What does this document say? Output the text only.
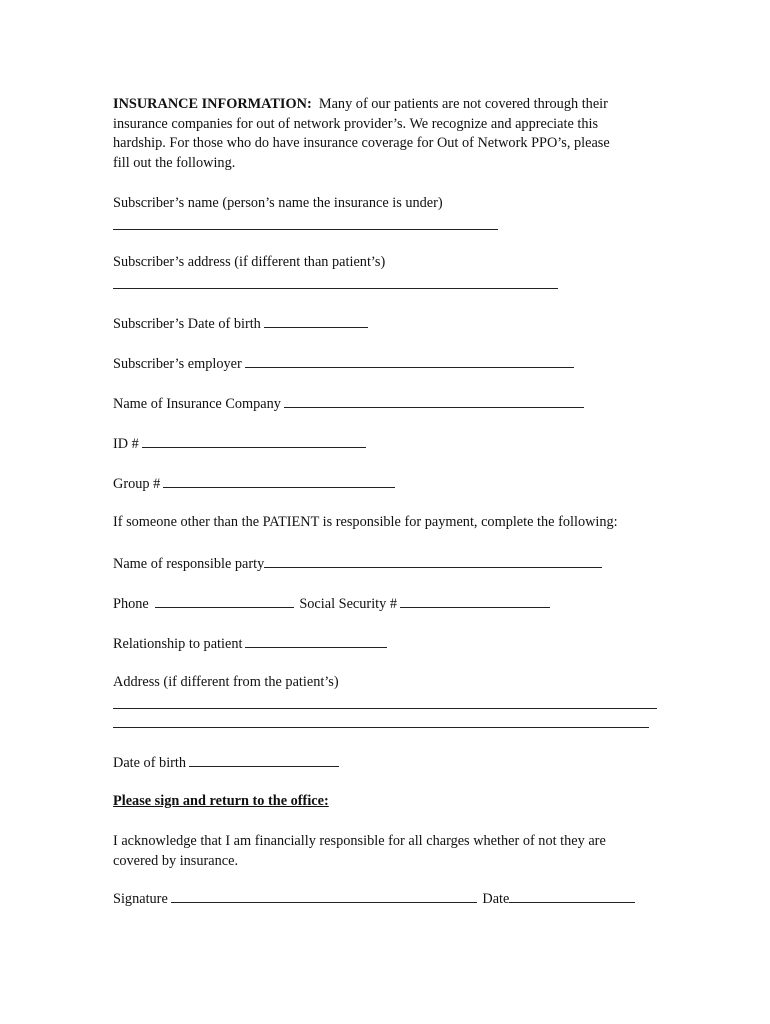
INSURANCE INFORMATION: Many of our patients are not covered through their
insurance companies for out of network provider’s. We recognize and appreciate this
hardship. For those who do have insurance coverage for Out of Network PPO’s, please
fill out the following.
Subscriber’s name (person’s name the insurance is under)
Subscriber’s address (if different than patient’s)
Subscriber’s Date of birth
Subscriber’s employer
Name of Insurance Company
ID #
Group #
If someone other than the PATIENT is responsible for payment, complete the following:
Name of responsible party
Phone	Social Security #
Relationship to patient
Address (if different from the patient’s)
Date of birth
Please sign and return to the office:
I acknowledge that I am financially responsible for all charges whether of not they are
covered by insurance.
Signature	Date
